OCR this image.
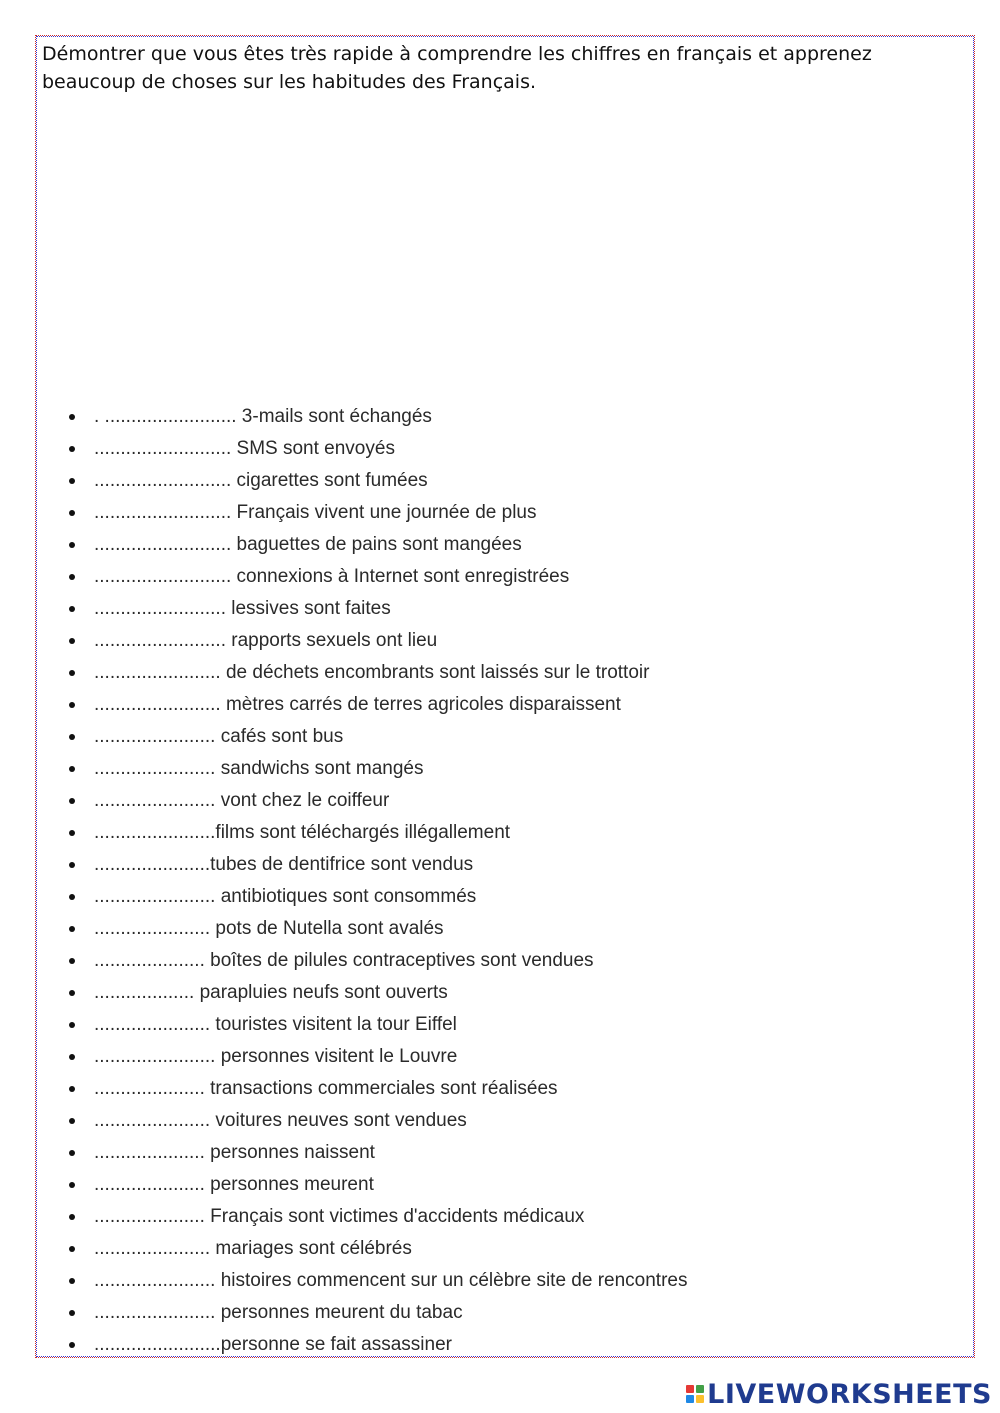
Démontrer que vous êtes très rapide à comprendre les chiffres en français et apprenez beaucoup de choses sur les habitudes des Français.
. ......................... 3-mails sont échangés
.......................... SMS sont envoyés
.......................... cigarettes sont fumées
.......................... Français vivent une journée de plus
.......................... baguettes de pains sont mangées
.......................... connexions à Internet sont enregistrées
......................... lessives sont faites
......................... rapports sexuels ont lieu
........................ de déchets encombrants sont laissés sur le trottoir
........................ mètres carrés de terres agricoles disparaissent
....................... cafés sont bus
....................... sandwichs sont mangés
....................... vont chez le coiffeur
.......................films sont téléchargés illégallement
......................tubes de dentifrice sont vendus
....................... antibiotiques sont consommés
...................... pots de Nutella sont avalés
..................... boîtes de pilules contraceptives sont vendues
................... parapluies neufs sont ouverts
...................... touristes visitent la tour Eiffel
....................... personnes visitent le Louvre
..................... transactions commerciales sont réalisées
...................... voitures neuves sont vendues
..................... personnes naissent
..................... personnes meurent
..................... Français sont victimes d'accidents médicaux
...................... mariages sont célébrés
....................... histoires commencent sur un célèbre site de rencontres
....................... personnes meurent du tabac
........................personne se fait assassiner
LIVEWORKSHEETS
